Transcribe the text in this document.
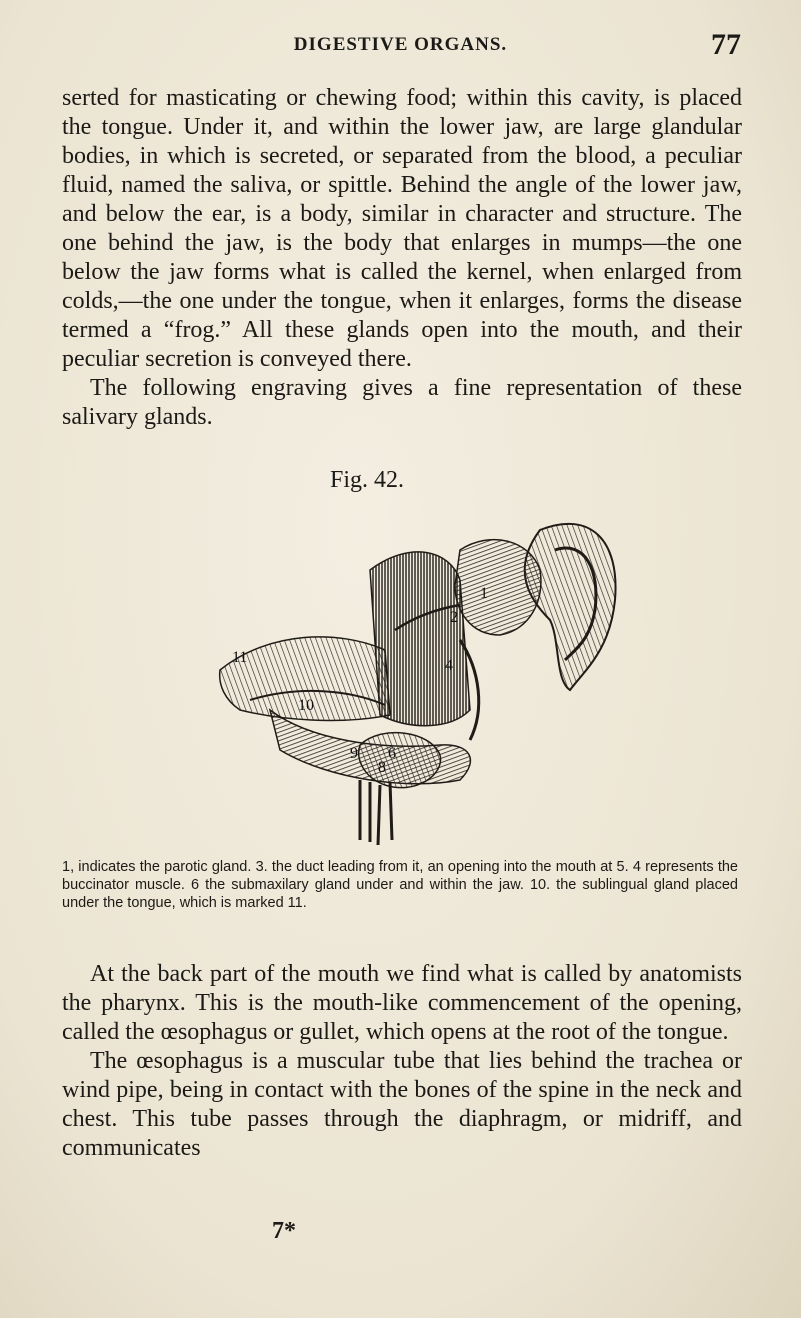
DIGESTIVE ORGANS.	77

serted for masticating or chewing food; within this cavity, is placed the tongue. Under it, and within the lower jaw, are large glandular bodies, in which is secreted, or separated from the blood, a peculiar fluid, named the saliva, or spittle. Behind the angle of the lower jaw, and below the ear, is a body, similar in character and structure. The one behind the jaw, is the body that enlarges in mumps—the one below the jaw forms what is called the kernel, when enlarged from colds,—the one under the tongue, when it enlarges, forms the disease termed a “frog.” All these glands open into the mouth, and their peculiar secretion is conveyed there.

The following engraving gives a fine representation of these salivary glands.

Fig. 42.
1
2
4
6
8
9
10
11
1, indicates the parotic gland. 3. the duct leading from it, an opening into the mouth at 5. 4 represents the buccinator muscle. 6 the submaxilary gland under and within the jaw. 10. the sublingual gland placed under the tongue, which is marked 11.

At the back part of the mouth we find what is called by anatomists the pharynx. This is the mouth-like commencement of the opening, called the œsophagus or gullet, which opens at the root of the tongue.

The œsophagus is a muscular tube that lies behind the trachea or wind pipe, being in contact with the bones of the spine in the neck and chest. This tube passes through the diaphragm, or midriff, and communicates

7*
